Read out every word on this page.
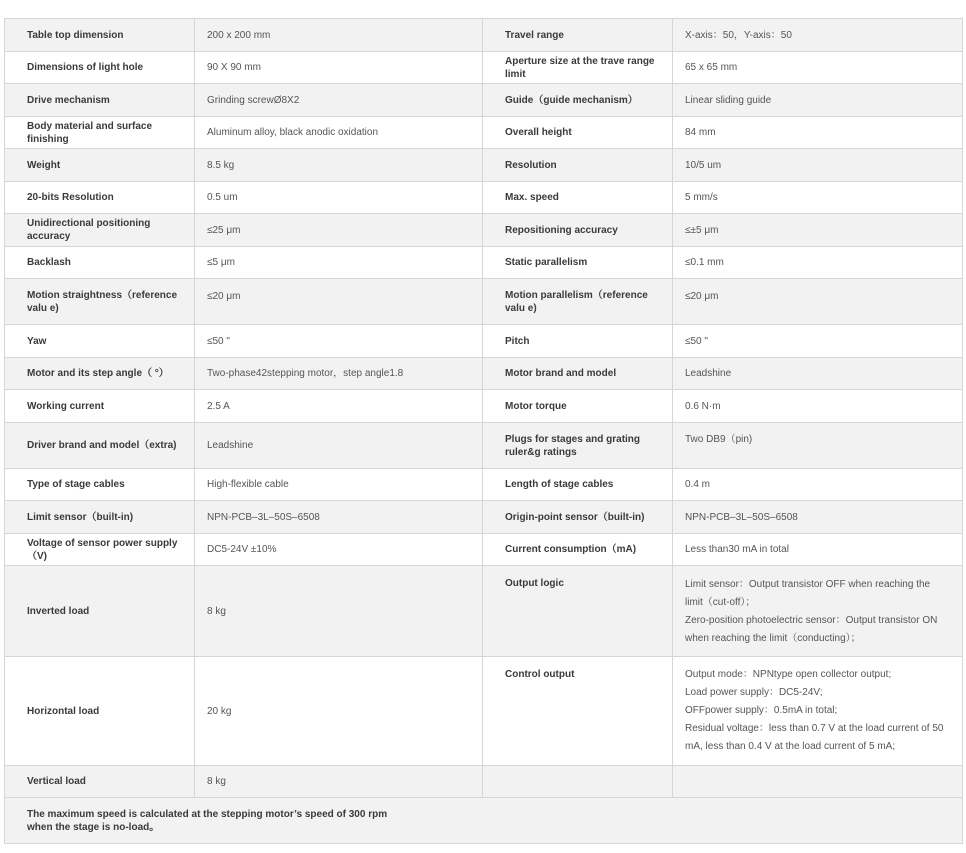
Table top dimension	200 x 200 mm	Travel range	X-axis：50，Y-axis：50
Dimensions of light hole	90 X 90 mm	Aperture size at the trave range limit	65 x 65 mm
Drive mechanism	Grinding screwØ8X2	Guide（guide mechanism）	Linear sliding guide
Body material and surface finishing	Aluminum alloy, black anodic oxidation	Overall height	84 mm
Weight	8.5 kg	Resolution	10/5 um
20-bits Resolution	0.5 um	Max. speed	5 mm/s
Unidirectional positioning accuracy	≤25 μm	Repositioning accuracy	≤±5 μm
Backlash	≤5 μm	Static parallelism	≤0.1 mm
Motion straightness（reference valu e)	≤20 μm	Motion parallelism（reference valu e)	≤20 μm
Yaw	≤50 "	Pitch	≤50 "
Motor and its step angle（ °）	Two-phase42stepping motor，step angle1.8	Motor brand and model	Leadshine
Working current	2.5 A	Motor torque	0.6 N·m
Driver brand and model（extra)	Leadshine	Plugs for stages and grating ruler&g ratings	Two DB9（pin)
Type of stage cables	High-flexible cable	Length of stage cables	0.4 m
Limit sensor（built-in)	NPN-PCB–3L–50S–6508	Origin-point sensor（built-in)	NPN-PCB–3L–50S–6508
Voltage of sensor power supply（V)	DC5-24V ±10%	Current consumption（mA)	Less than30 mA in total
Inverted load	8 kg	Output logic	Limit sensor：Output transistor OFF when reaching the
limit（cut-off）；
Zero-position photoelectric sensor：Output transistor ON
when reaching the limit（conducting）；

Horizontal load	20 kg	Control output	Output mode：NPNtype open collector output;
Load power supply：DC5-24V;
OFFpower supply：0.5mA in total;
Residual voltage：less than 0.7 V at the load current of 50
mA, less than 0.4 V at the load current of 5 mA;

Vertical load	8 kg		

The maximum speed is calculated at the stepping motor’s speed of 300 rpm
when the stage is no-load。			
